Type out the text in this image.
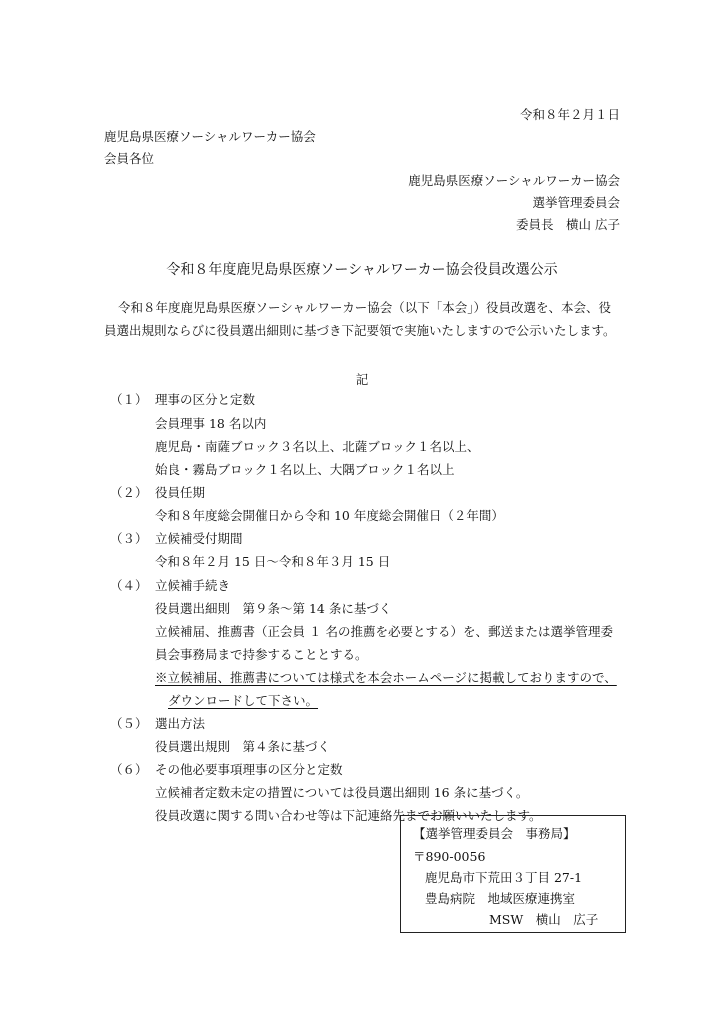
令和８年２月１日
鹿児島県医療ソーシャルワーカー協会
会員各位
鹿児島県医療ソーシャルワーカー協会
選挙管理委員会
委員長　横山 広子
令和８年度鹿児島県医療ソーシャルワーカー協会役員改選公示
令和８年度鹿児島県医療ソーシャルワーカー協会（以下「本会」）役員改選を、本会、役
員選出規則ならびに役員選出細則に基づき下記要領で実施いたしますので公示いたします。
記
（１） 理事の区分と定数
会員理事 18 名以内
鹿児島・南薩ブロック３名以上、北薩ブロック１名以上、
始良・霧島ブロック１名以上、大隅ブロック１名以上
（２） 役員任期
令和８年度総会開催日から令和 10 年度総会開催日（２年間）
（３） 立候補受付期間
令和８年２月 15 日～令和８年３月 15 日
（４） 立候補手続き
役員選出細則　第９条～第 14 条に基づく
立候補届、推薦書（正会員 １ 名の推薦を必要とする）を、郵送または選挙管理委
員会事務局まで持参することとする。
※立候補届、推薦書については様式を本会ホームページに掲載しておりますので、
ダウンロードして下さい。
（５） 選出方法
役員選出規則　第４条に基づく
（６） その他必要事項理事の区分と定数
立候補者定数未定の措置については役員選出細則 16 条に基づく。
役員改選に関する問い合わせ等は下記連絡先までお願いいたします。
【選挙管理委員会　事務局】
〒890-0056
鹿児島市下荒田３丁目 27-1
豊島病院　地域医療連携室
MSW　横山　広子
